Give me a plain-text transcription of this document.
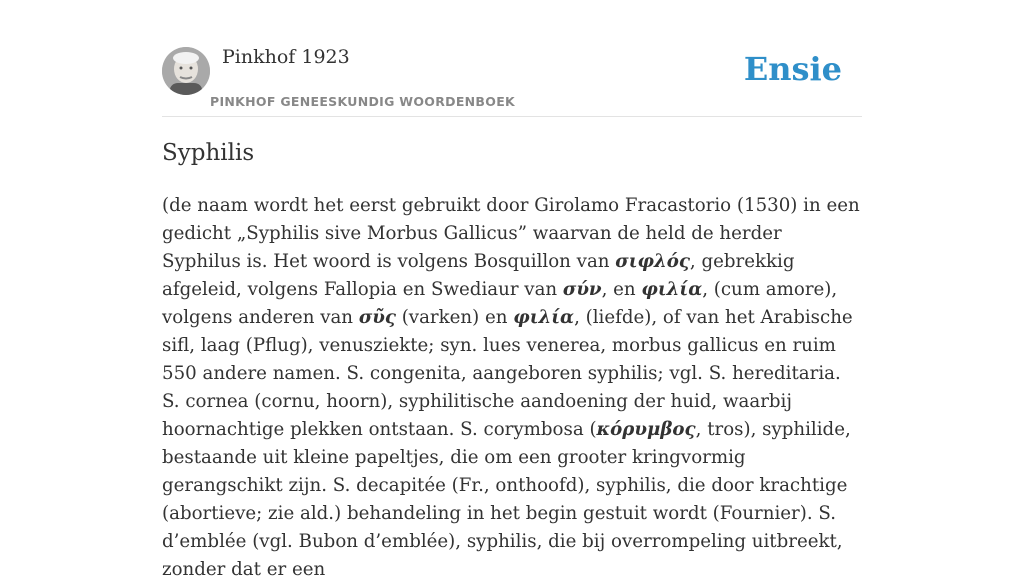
Pinkhof 1923
PINKHOF GENEESKUNDIG WOORDENBOEK
Ensie
Syphilis
(de naam wordt het eerst gebruikt door Girolamo Fracastorio (1530) in een gedicht „Syphilis sive Morbus Gallicus” waarvan de held de herder Syphilus is. Het woord is volgens Bosquillon van σιφλός, gebrekkig afgeleid, volgens Fallopia en Swediaur van σύν, en φιλία, (cum amore), volgens anderen van σῦς (varken) en φιλία, (liefde), of van het Arabische sifl, laag (Pflug), venusziekte; syn. lues venerea, morbus gallicus en ruim 550 andere namen. S. congenita, aangeboren syphilis; vgl. S. hereditaria. S. cornea (cornu, hoorn), syphilitische aandoening der huid, waarbij hoornachtige plekken ontstaan. S. corymbosa (κόρυμβος, tros), syphilide, bestaande uit kleine papeltjes, die om een grooter kringvormig gerangschikt zijn. S. decapitée (Fr., onthoofd), syphilis, die door krachtige (abortieve; zie ald.) behandeling in het begin gestuit wordt (Fournier). S. d’emblée (vgl. Bubon d’emblée), syphilis, die bij overrompeling uitbreekt, zonder dat er een
